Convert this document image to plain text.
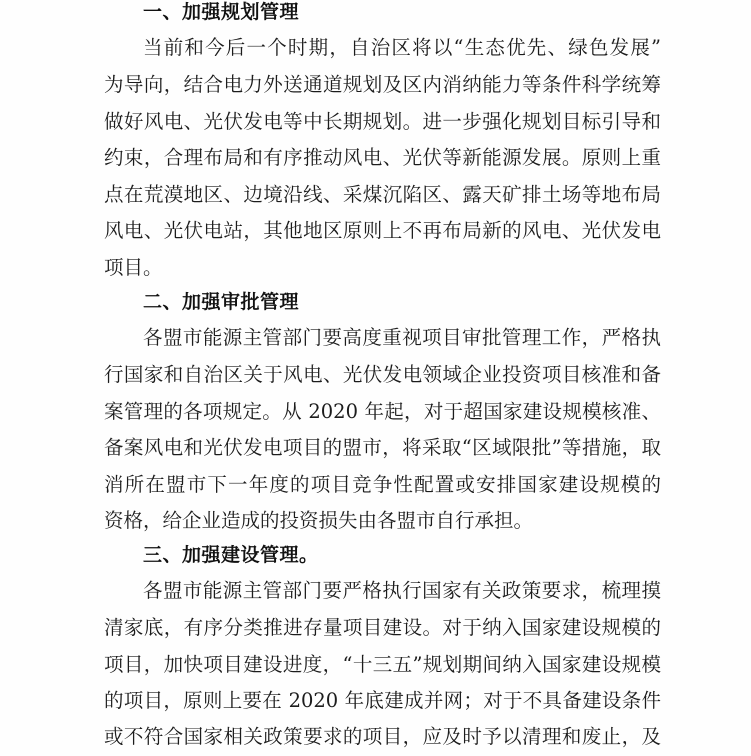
一、加强规划管理
当前和今后一个时期，自治区将以“生态优先、绿色发展”
为导向，结合电力外送通道规划及区内消纳能力等条件科学统筹
做好风电、光伏发电等中长期规划。进一步强化规划目标引导和
约束，合理布局和有序推动风电、光伏等新能源发展。原则上重
点在荒漠地区、边境沿线、采煤沉陷区、露天矿排土场等地布局
风电、光伏电站，其他地区原则上不再布局新的风电、光伏发电
项目。
二、加强审批管理
各盟市能源主管部门要高度重视项目审批管理工作，严格执
行国家和自治区关于风电、光伏发电领域企业投资项目核准和备
案管理的各项规定。从 2020 年起，对于超国家建设规模核准、
备案风电和光伏发电项目的盟市，将采取“区域限批”等措施，取
消所在盟市下一年度的项目竞争性配置或安排国家建设规模的
资格，给企业造成的投资损失由各盟市自行承担。
三、加强建设管理。
各盟市能源主管部门要严格执行国家有关政策要求，梳理摸
清家底，有序分类推进存量项目建设。对于纳入国家建设规模的
项目，加快项目建设进度，“十三五”规划期间纳入国家建设规模
的项目，原则上要在 2020 年底建成并网；对于不具备建设条件
或不符合国家相关政策要求的项目，应及时予以清理和废止，及
